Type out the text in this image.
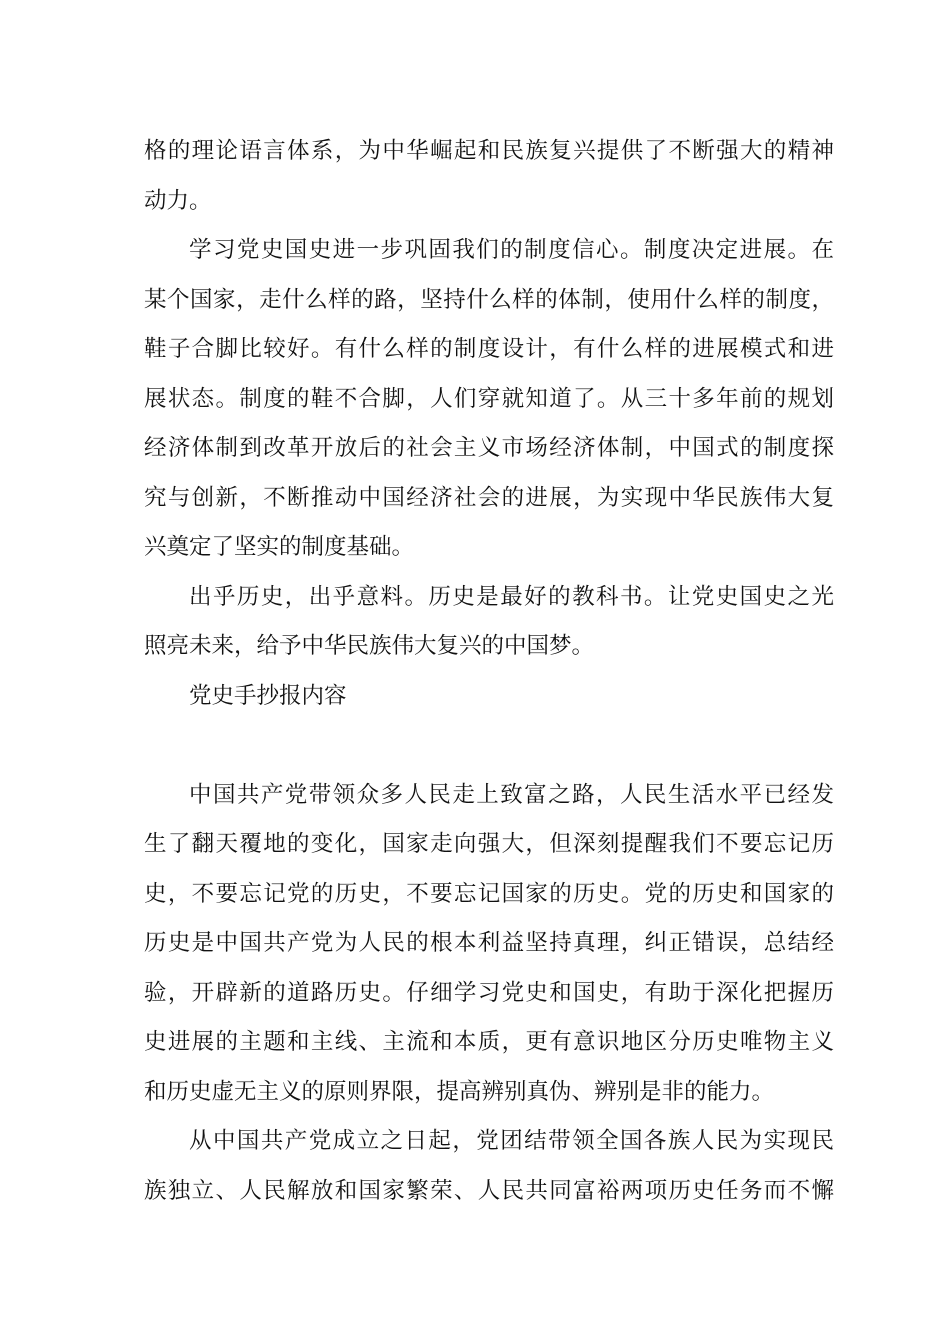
格的理论语言体系，为中华崛起和民族复兴提供了不断强大的精神
动力。
学习党史国史进一步巩固我们的制度信心。制度决定进展。在
某个国家，走什么样的路，坚持什么样的体制，使用什么样的制度，
鞋子合脚比较好。有什么样的制度设计，有什么样的进展模式和进
展状态。制度的鞋不合脚，人们穿就知道了。从三十多年前的规划
经济体制到改革开放后的社会主义市场经济体制，中国式的制度探
究与创新，不断推动中国经济社会的进展，为实现中华民族伟大复
兴奠定了坚实的制度基础。
出乎历史，出乎意料。历史是最好的教科书。让党史国史之光
照亮未来，给予中华民族伟大复兴的中国梦。
党史手抄报内容
中国共产党带领众多人民走上致富之路，人民生活水平已经发
生了翻天覆地的变化，国家走向强大，但深刻提醒我们不要忘记历
史，不要忘记党的历史，不要忘记国家的历史。党的历史和国家的
历史是中国共产党为人民的根本利益坚持真理，纠正错误，总结经
验，开辟新的道路历史。仔细学习党史和国史，有助于深化把握历
史进展的主题和主线、主流和本质，更有意识地区分历史唯物主义
和历史虚无主义的原则界限，提高辨别真伪、辨别是非的能力。
从中国共产党成立之日起，党团结带领全国各族人民为实现民
族独立、人民解放和国家繁荣、人民共同富裕两项历史任务而不懈
